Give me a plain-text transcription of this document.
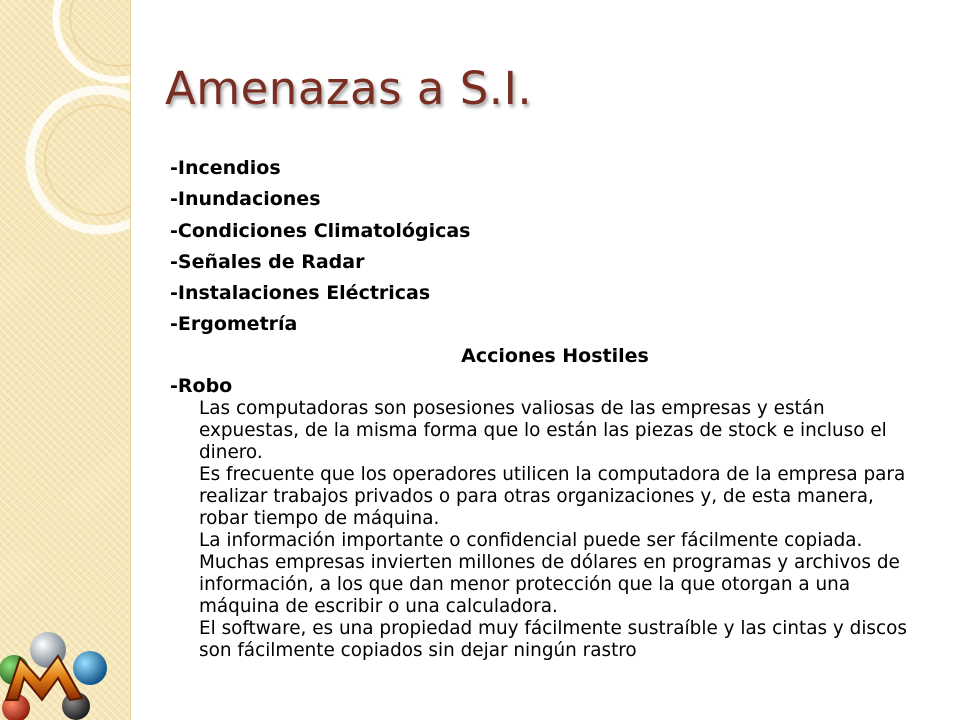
Amenazas a S.I.

-Incendios

-Inundaciones

-Condiciones Climatológicas

-Señales de Radar

-Instalaciones Eléctricas

-Ergometría

Acciones Hostiles

-Robo

Las computadoras son posesiones valiosas de las empresas y están expuestas, de la misma forma que lo están las piezas de stock e incluso el dinero.

Es frecuente que los operadores utilicen la computadora de la empresa para realizar trabajos privados o para otras organizaciones y, de esta manera, robar tiempo de máquina.

La información importante o confidencial puede ser fácilmente copiada. Muchas empresas invierten millones de dólares en programas y archivos de información, a los que dan menor protección que la que otorgan a una máquina de escribir o una calculadora.

El software, es una propiedad muy fácilmente sustraíble y las cintas y discos son fácilmente copiados sin dejar ningún rastro
